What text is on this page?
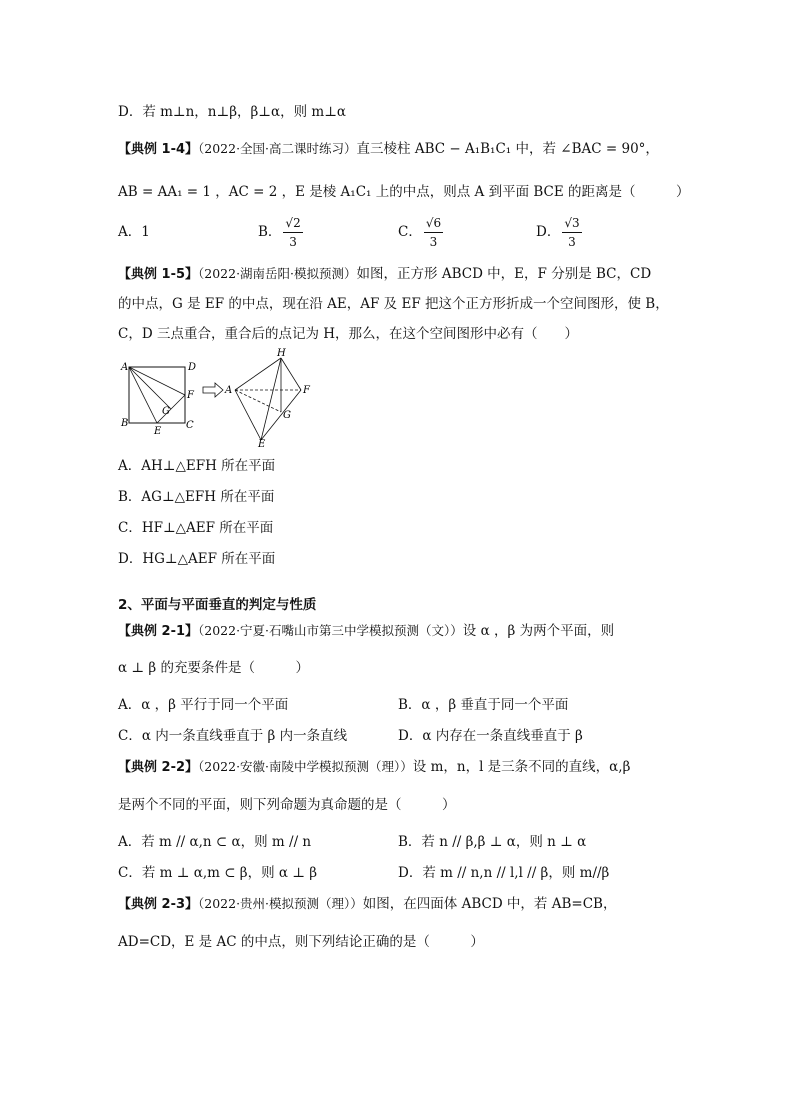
D．若 m⊥n，n⊥β，β⊥α，则 m⊥α
【典例 1-4】（2022·全国·高二课时练习）直三棱柱 ABC − A₁B₁C₁ 中，若 ∠BAC = 90°，
AB = AA₁ = 1 ，AC = 2 ，E 是棱 A₁C₁ 上的中点，则点 A 到平面 BCE 的距离是（　　　）
A．1	B． $\frac{√2}{3}$	C． $\frac{√6}{3}$	D． $\frac{√3}{3}$
【典例 1-5】（2022·湖南岳阳·模拟预测）如图，正方形 ABCD 中，E，F 分别是 BC，CD
的中点，G 是 EF 的中点，现在沿 AE，AF 及 EF 把这个正方形折成一个空间图形，使 B，
C，D 三点重合，重合后的点记为 H，那么，在这个空间图形中必有（　　）
A	D
B	C
E
F
G
A
H
F
G
E
A．AH⊥△EFH 所在平面
B．AG⊥△EFH 所在平面
C．HF⊥△AEF 所在平面
D．HG⊥△AEF 所在平面
2、平面与平面垂直的判定与性质
【典例 2-1】（2022·宁夏·石嘴山市第三中学模拟预测（文））设 α ，β 为两个平面，则
α ⊥ β 的充要条件是（　　　）
A．α ，β 平行于同一个平面	B．α ，β 垂直于同一个平面
C．α 内一条直线垂直于 β 内一条直线	D．α 内存在一条直线垂直于 β
【典例 2-2】（2022·安徽·南陵中学模拟预测（理））设 m，n，l 是三条不同的直线，α,β
是两个不同的平面，则下列命题为真命题的是（　　　）
A．若 m // α,n ⊂ α，则 m // n	B．若 n // β,β ⊥ α，则 n ⊥ α
C．若 m ⊥ α,m ⊂ β，则 α ⊥ β	D．若 m // n,n // l,l // β，则 m//β
【典例 2-3】（2022·贵州·模拟预测（理））如图，在四面体 ABCD 中，若 AB=CB，
AD=CD，E 是 AC 的中点，则下列结论正确的是（　　　）
